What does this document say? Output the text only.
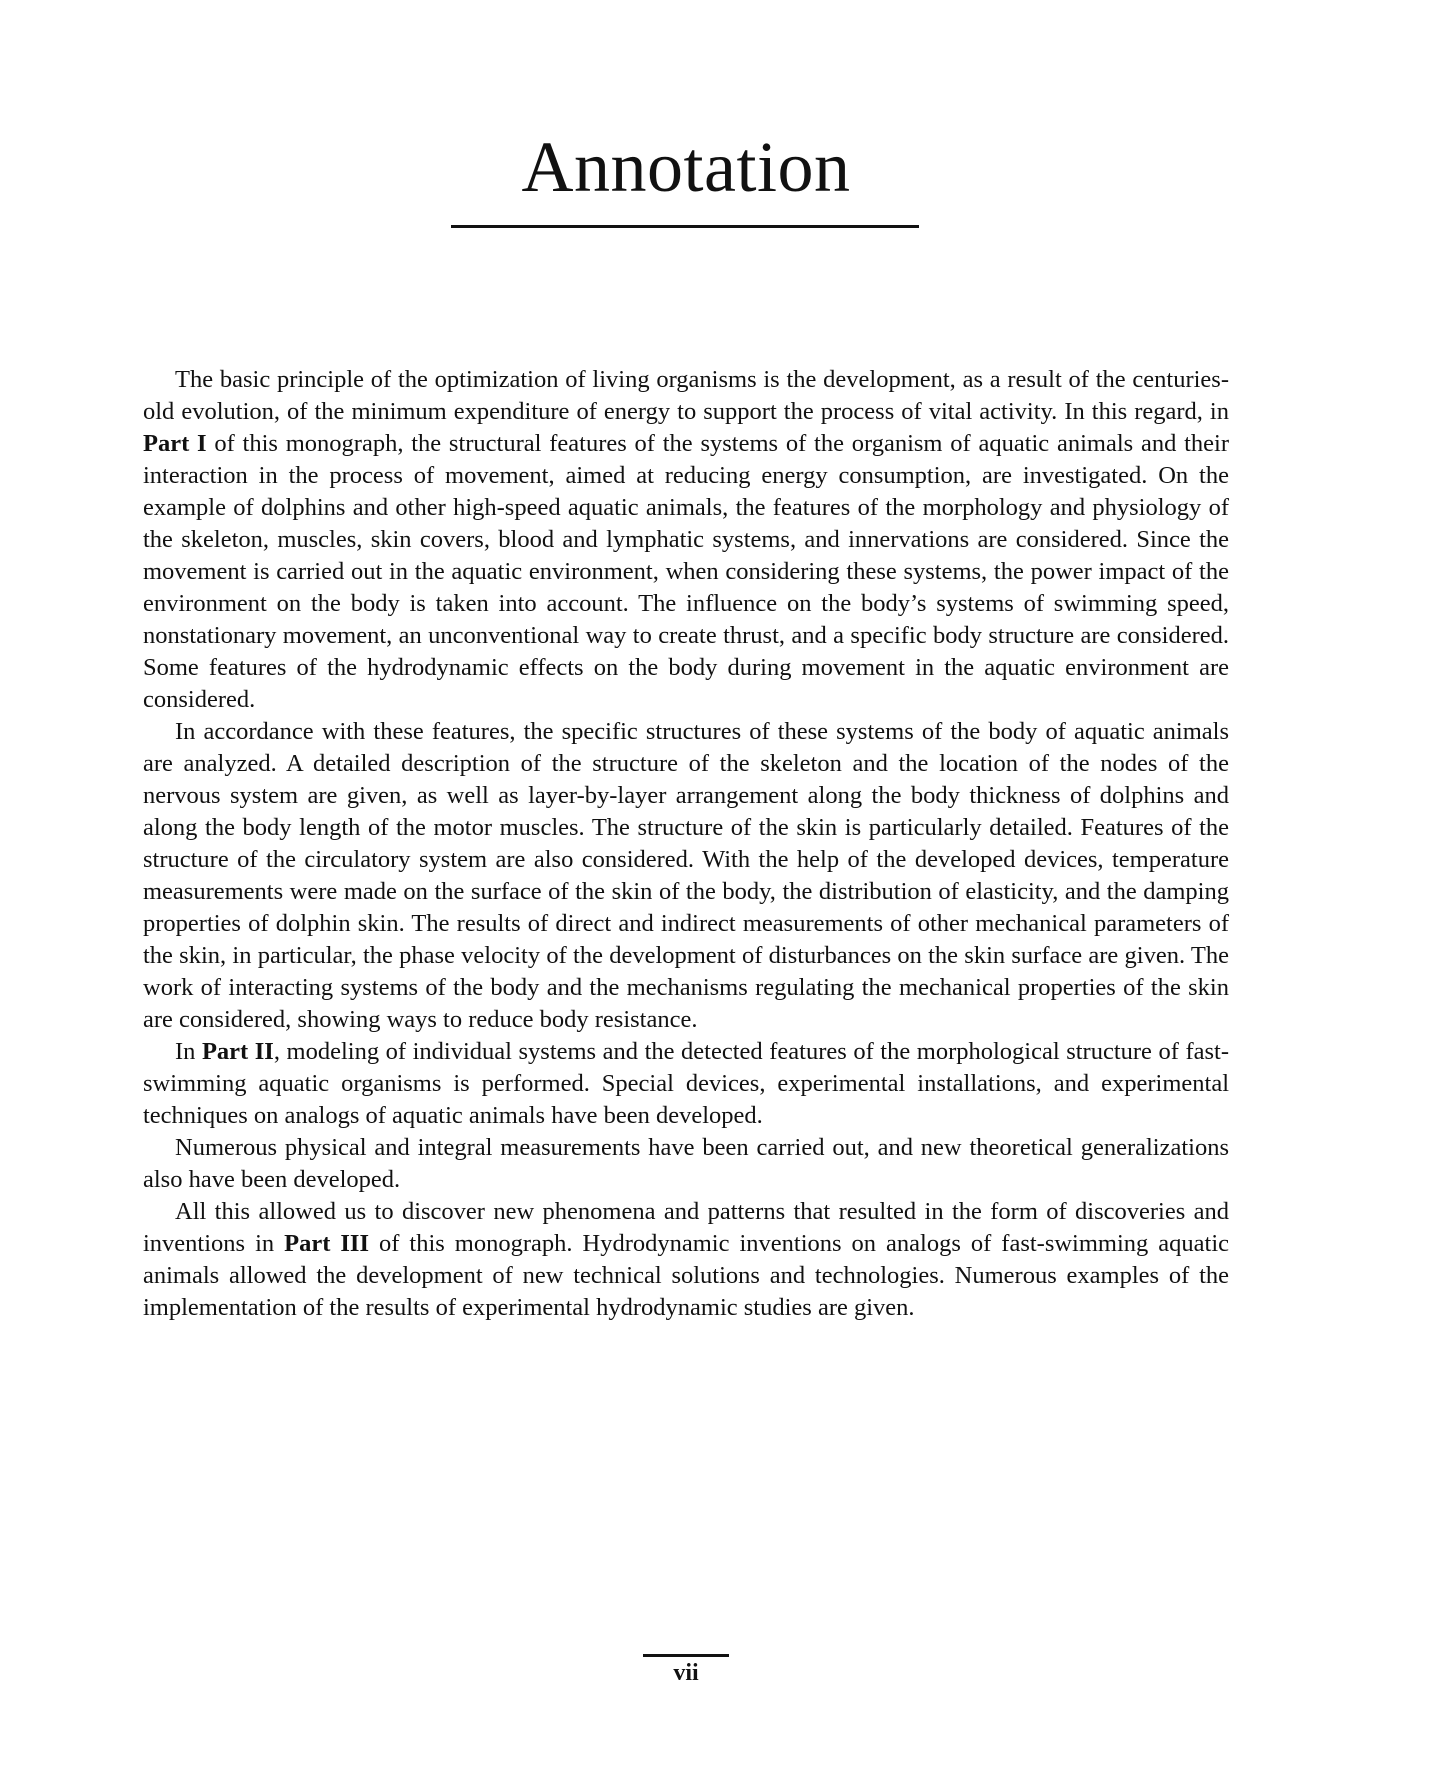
Annotation

The basic principle of the optimization of living organisms is the development, as a result of the centuries-old evolution, of the minimum expenditure of energy to support the process of vital activity. In this regard, in Part I of this monograph, the structural features of the systems of the organism of aquatic animals and their interaction in the process of movement, aimed at reducing energy consumption, are investigated. On the example of dolphins and other high-speed aquatic animals, the features of the morphology and physiology of the skeleton, muscles, skin covers, blood and lymphatic systems, and innervations are considered. Since the movement is carried out in the aquatic environment, when considering these systems, the power impact of the environment on the body is taken into account. The influence on the body’s systems of swimming speed, nonstationary movement, an unconventional way to create thrust, and a specific body structure are considered. Some features of the hydrodynamic effects on the body during movement in the aquatic environment are considered.

In accordance with these features, the specific structures of these systems of the body of aquatic animals are analyzed. A detailed description of the structure of the skeleton and the location of the nodes of the nervous system are given, as well as layer-by-layer arrangement along the body thickness of dolphins and along the body length of the motor muscles. The structure of the skin is particularly detailed. Features of the structure of the circulatory system are also considered. With the help of the developed devices, temperature measurements were made on the surface of the skin of the body, the distribution of elasticity, and the damping properties of dolphin skin. The results of direct and indirect measurements of other mechanical parameters of the skin, in particular, the phase velocity of the development of disturbances on the skin surface are given. The work of interacting systems of the body and the mechanisms regulating the mechanical properties of the skin are considered, showing ways to reduce body resistance.

In Part II, modeling of individual systems and the detected features of the morphological structure of fast-swimming aquatic organisms is performed. Special devices, experimental installations, and experimental techniques on analogs of aquatic animals have been developed.

Numerous physical and integral measurements have been carried out, and new theoretical generalizations also have been developed.

All this allowed us to discover new phenomena and patterns that resulted in the form of discoveries and inventions in Part III of this monograph. Hydrodynamic inventions on analogs of fast-swimming aquatic animals allowed the development of new technical solutions and technologies. Numerous examples of the implementation of the results of experimental hydrodynamic studies are given.

vii
